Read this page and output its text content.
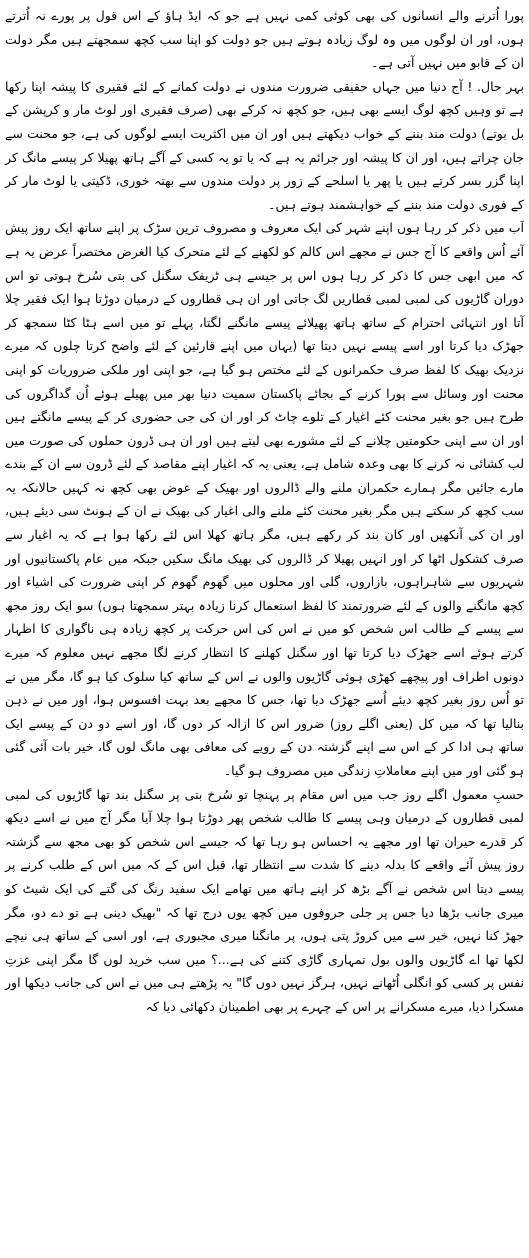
پورا اُترنے والے انسانوں کی بھی کوئی کمی نہیں ہے جو کہ ایڈ ہاؤ کے اس قول پر پورے نہ اُترتے ہوں، اور ان لوگوں میں وہ لوگ زیادہ ہوتے ہیں جو دولت کو اپنا سب کچھ سمجھتے ہیں مگر دولت ان کے قابو میں نہیں آتی ہے۔

بہر حال. ! آج دنیا میں جہاں حقیقی ضرورت مندوں نے دولت کمانے کے لئے فقیری کا پیشہ اپنا رکھا ہے تو وہیں کچھ لوگ ایسے بھی ہیں، جو کچھ نہ کرکے بھی (صرف فقیری اور لوٹ مار و کرپشن کے بل بوتے) دولت مند بننے کے خواب دیکھتے ہیں اور ان میں اکثریت ایسے لوگوں کی ہے، جو محنت سے جان چراتے ہیں، اور ان کا پیشہ اور جرائم یہ ہے کہ یا تو یہ کسی کے آگے ہاتھ پھیلا کر پیسے مانگ کر اپنا گزر بسر کرتے ہیں یا پھر یا اسلحے کے زور پر دولت مندوں سے بھتہ خوری، ڈکیتی یا لوٹ مار کر کے فوری دولت مند بننے کے خواہشمند ہوتے ہیں۔

اَب میں ذکر کر رہا ہوں اپنے شہر کی ایک معروف و مصروف ترین سڑک پر اپنے ساتھ ایک روز پیش آئے اُس واقعے کا آج جس نے مجھے اس کالم کو لکھنے کے لئے متحرک کیا الغرض مختصراً عرض یہ ہے کہ میں ابھی جس کا ذکر کر رہا ہوں اس پر جیسے ہی ٹریفک سگنل کی بتی سُرخ ہوتی تو اس دوران گاڑیوں کی لمبی لمبی قطاریں لگ جاتی اور ان ہی قطاروں کے درمیان دوڑتا ہوا ایک فقیر چلا آتا اور انتہائی احترام کے ساتھ ہاتھ پھیلائے پیسے مانگنے لگتا، پہلے تو میں اسے ہٹا کٹا سمجھ کر جھڑک دیا کرتا اور اسے پیسے نہیں دیتا تھا (یہاں میں اپنے قارئین کے لئے واضح کرتا چلوں کہ میرے نزدیک بھیک کا لفظ صرف حکمرانوں کے لئے مختص ہو گیا ہے، جو اپنی اور ملکی ضروریات کو اپنی محنت اور وسائل سے پورا کرنے کے بجائے پاکستان سمیت دنیا بھر میں پھیلے ہوئے اُن گداگروں کی طرح ہیں جو بغیر محنت کئے اغیار کے تلوے چاٹ کر اور ان کی جی حضوری کر کے پیسے مانگتے ہیں اور ان سے اپنی حکومتیں چلانے کے لئے مشورے بھی لیتے ہیں اور ان ہی ڈرون حملوں کی صورت میں لب کشائی نہ کرنے کا بھی وعدہ شامل ہے، یعنی یہ کہ اغیار اپنے مقاصد کے لئے ڈرون سے ان کے بندے مارے جائیں مگر ہمارے حکمران ملنے والے ڈالروں اور بھیک کے عوض بھی کچھ نہ کہیں حالانکہ یہ سب کچھ کر سکتے ہیں مگر بغیر محنت کئے ملنے والی اغیار کی بھیک نے ان کے ہونٹ سی دیئے ہیں، اور ان کی آنکھیں اور کان بند کر رکھے ہیں، مگر ہاتھ کھلا اس لئے رکھا ہوا ہے کہ یہ اغیار سے صرف کشکول اٹھا کر اور انہیں پھیلا کر ڈالروں کی بھیک مانگ سکیں جبکہ میں عام پاکستانیوں اور شہریوں سے شاہراہوں، بازاروں، گلی اور محلوں میں گھوم گھوم کر اپنی ضرورت کی اشیاء اور کچھ مانگنے والوں کے لئے ضرورتمند کا لفظ استعمال کرنا زیادہ بہتر سمجھتا ہوں) سو ایک روز مجھ سے پیسے کے طالب اس شخص کو میں نے اس کی اس حرکت پر کچھ زیادہ ہی ناگواری کا اظہار کرتے ہوئے اسے جھڑک دیا کرتا تھا اور سگنل کھلنے کا انتظار کرنے لگا مجھے نہیں معلوم کہ میرے دونوں اطراف اور پیچھے کھڑی ہوئی گاڑیوں والوں نے اس کے ساتھ کیا سلوک کیا ہو گا، مگر میں نے تو اُس روز بغیر کچھ دیئے اُسے جھڑک دیا تھا، جس کا مجھے بعد بہت افسوس ہوا، اور میں نے ذہن بنالیا تھا کہ میں کل (یعنی اگلے روز) ضرور اس کا ازالہ کر دوں گا، اور اسے دو دن کے پیسے ایک ساتھ ہی ادا کر کے اس سے اپنے گزشتہ دن کے رویے کی معافی بھی مانگ لوں گا، خیر بات آئی گئی ہو گئی اور میں اپنے معاملاتِ زندگی میں مصروف ہو گیا۔

حسبِ معمول اگلے روز جب میں اس مقام پر پہنچا تو سُرخ بتی پر سگنل بند تھا گاڑیوں کی لمبی لمبی قطاروں کے درمیان وہی پیسے کا طالب شخص پھر دوڑتا ہوا چلا آیا مگر آج میں نے اسے دیکھ کر قدرے حیران تھا اور مجھے یہ احساس ہو رہا تھا کہ جیسے اس شخص کو بھی مجھ سے گزشتہ روز پیش آئے واقعے کا بدلہ دینے کا شدت سے انتظار تھا، قبل اس کے کہ میں اس کے طلب کرنے پر پیسے دیتا اس شخص نے آگے بڑھ کر اپنے ہاتھ میں تھامے ایک سفید رنگ کی گتے کی ایک شیٹ کو میری جانب بڑھا دیا جس پر جلی حروفوں میں کچھ یوں درج تھا کہ "بھیک دینی ہے تو دے دو، مگر جھڑ کنا نہیں، خیر سے میں کروڑ پتی ہوں، پر مانگنا میری مجبوری ہے، اور اسی کے ساتھ ہی نیچے لکھا تھا اے گاڑیوں والوں بول تمہاری گاڑی کتنے کی ہے...؟ میں سب خرید لوں گا مگر اپنی عزتِ نفس پر کسی کو انگلی اُٹھانے نہیں، ہرگز نہیں دوں گا" یہ پڑھتے ہی میں نے اس کی جانب دیکھا اور مسکرا دیا، میرے مسکرانے پر اس کے چہرے پر بھی اطمینان دکھائی دیا کہ
